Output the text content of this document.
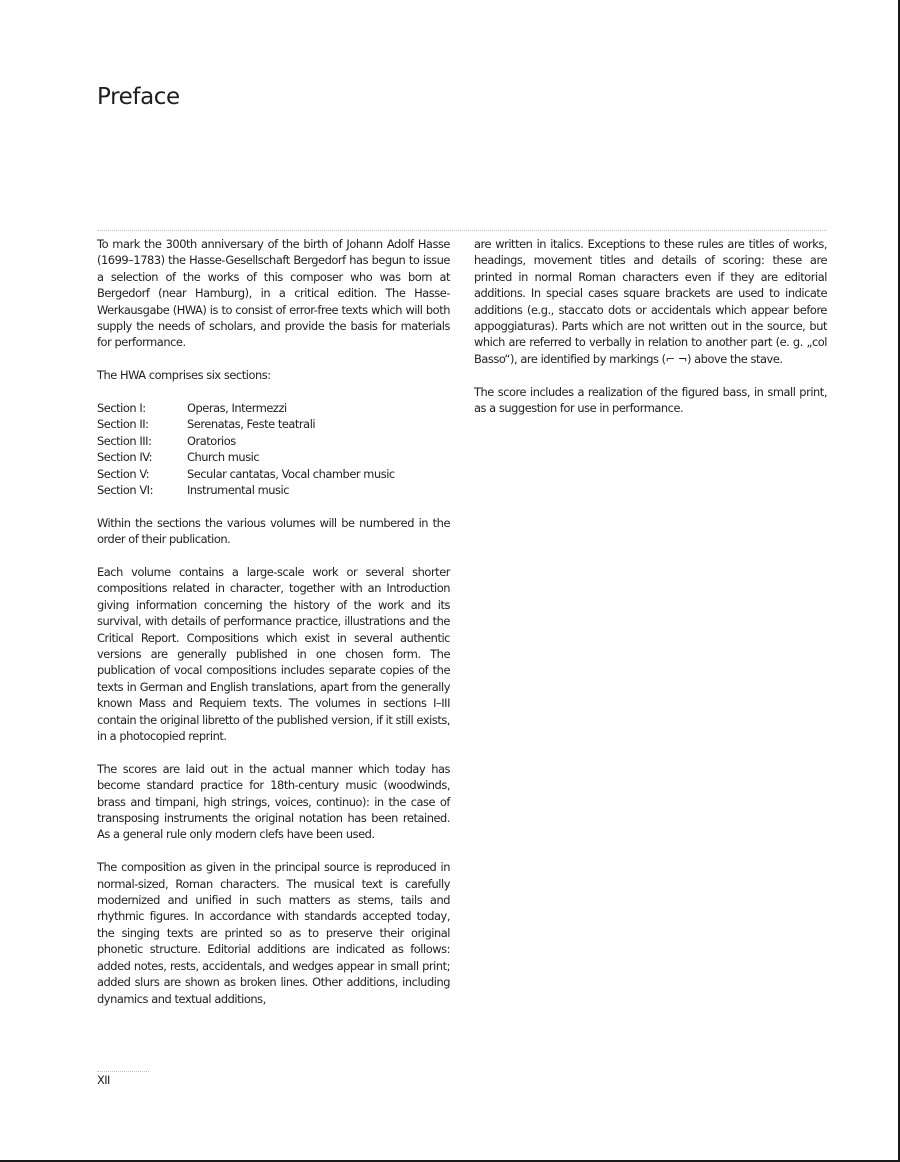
Preface

To mark the 300th anniversary of the birth of Johann Adolf Hasse (1699–1783) the Hasse-Gesellschaft Bergedorf has begun to issue a selection of the works of this composer who was born at Bergedorf (near Hamburg), in a critical edition. The Hasse-Werkausgabe (HWA) is to consist of error-free texts which will both supply the needs of scholars, and provide the basis for materials for performance.

The HWA comprises six sections:

Section I:	Operas, Intermezzi
Section II:	Serenatas, Feste teatrali
Section III:	Oratorios
Section IV:	Church music
Section V:	Secular cantatas, Vocal chamber music
Section VI:	Instrumental music

Within the sections the various volumes will be numbered in the order of their publication.

Each volume contains a large-scale work or several shorter compositions related in character, together with an Introduction giving information concerning the history of the work and its survival, with details of performance practice, illustrations and the Critical Report. Compositions which exist in several authentic versions are generally published in one chosen form. The publication of vocal compositions includes separate copies of the texts in German and English translations, apart from the generally known Mass and Requiem texts. The volumes in sections I–III contain the original libretto of the published version, if it still exists, in a photocopied reprint.

The scores are laid out in the actual manner which today has become standard practice for 18th-century music (woodwinds, brass and timpani, high strings, voices, continuo): in the case of transposing instruments the original notation has been retained. As a general rule only modern clefs have been used.

The composition as given in the principal source is reproduced in normal-sized, Roman characters. The musical text is carefully modernized and unified in such matters as stems, tails and rhythmic figures. In accordance with standards accepted today, the singing texts are printed so as to preserve their original phonetic structure. Editorial additions are indicated as follows: added notes, rests, accidentals, and wedges appear in small print; added slurs are shown as broken lines. Other additions, including dynamics and textual additions,

are written in italics. Exceptions to these rules are titles of works, headings, movement titles and details of scoring: these are printed in normal Roman characters even if they are editorial additions. In special cases square brackets are used to indicate additions (e.g., staccato dots or accidentals which appear before appoggiaturas). Parts which are not written out in the source, but which are referred to verbally in relation to another part (e. g. „col Basso“), are identified by markings (⌐ ¬) above the stave.

The score includes a realization of the figured bass, in small print, as a suggestion for use in performance.

XII
